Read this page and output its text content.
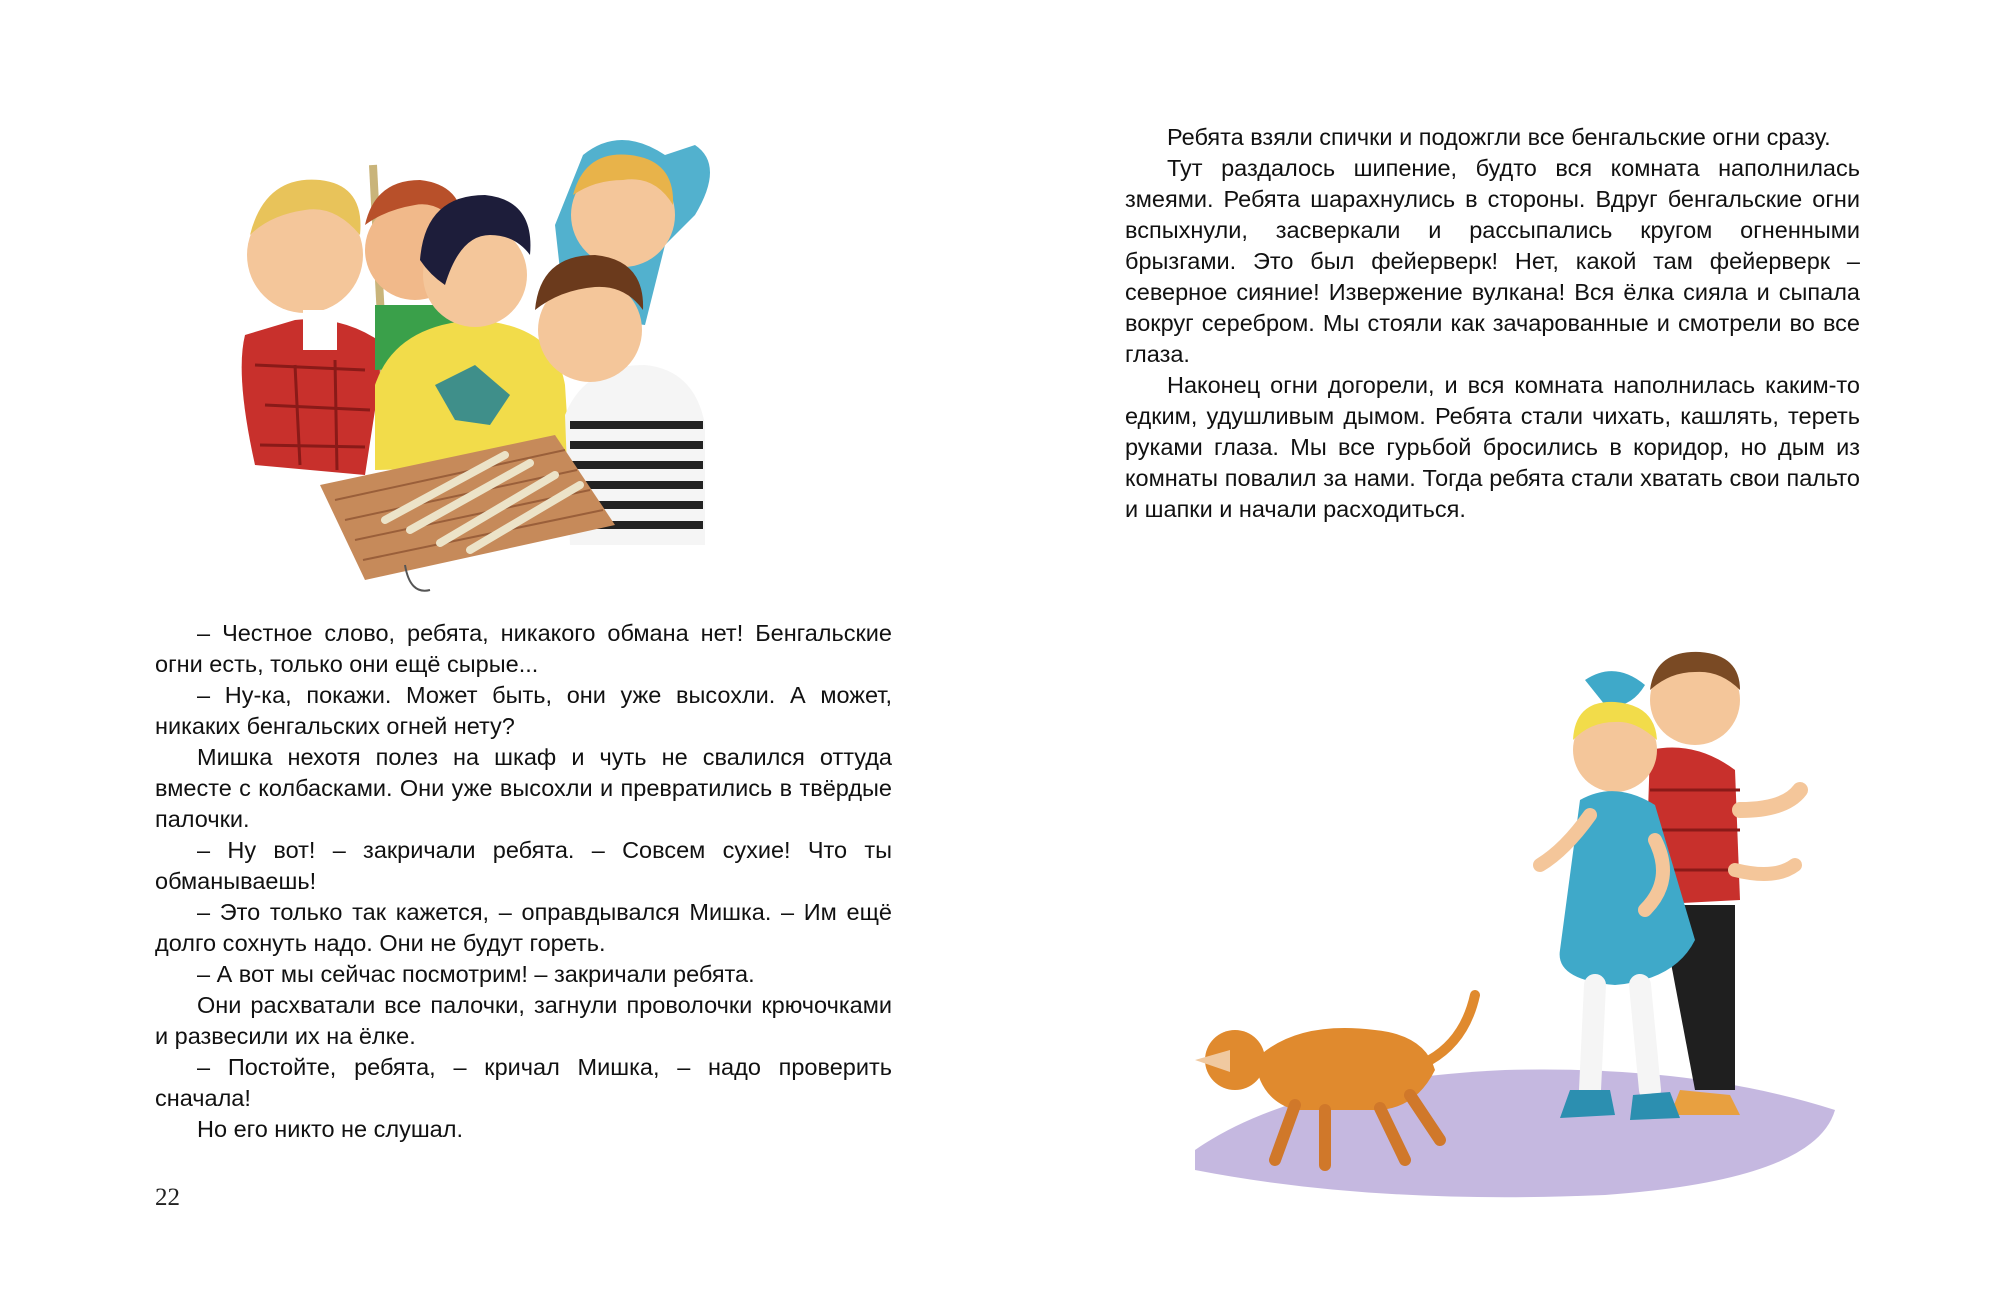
– Честное слово, ребята, никакого обмана нет! Бенгальские огни есть, только они ещё сырые...

– Ну-ка, покажи. Может быть, они уже высохли. А может, никаких бенгальских огней нету?

Мишка нехотя полез на шкаф и чуть не свалился оттуда вместе с колбасками. Они уже высохли и превратились в твёрдые палочки.

– Ну вот! – закричали ребята. – Совсем сухие! Что ты обманываешь!

– Это только так кажется, – оправдывался Мишка. – Им ещё долго сохнуть надо. Они не будут гореть.

– А вот мы сейчас посмотрим! – закричали ребята.

Они расхватали все палочки, загнули проволочки крючочками и развесили их на ёлке.

– Постойте, ребята, – кричал Мишка, – надо проверить сначала!

Но его никто не слушал.

22

Ребята взяли спички и подожгли все бенгальские огни сразу.

Тут раздалось шипение, будто вся комната наполнилась змеями. Ребята шарахнулись в стороны. Вдруг бенгальские огни вспыхнули, засверкали и рассыпались кругом огненными брызгами. Это был фейерверк! Нет, какой там фейерверк – северное сияние! Извержение вулкана! Вся ёлка сияла и сыпала вокруг серебром. Мы стояли как зачарованные и смотрели во все глаза.

Наконец огни догорели, и вся комната наполнилась каким-то едким, удушливым дымом. Ребята стали чихать, кашлять, тереть руками глаза. Мы все гурьбой бросились в коридор, но дым из комнаты повалил за нами. Тогда ребята стали хватать свои пальто и шапки и начали расходиться.
